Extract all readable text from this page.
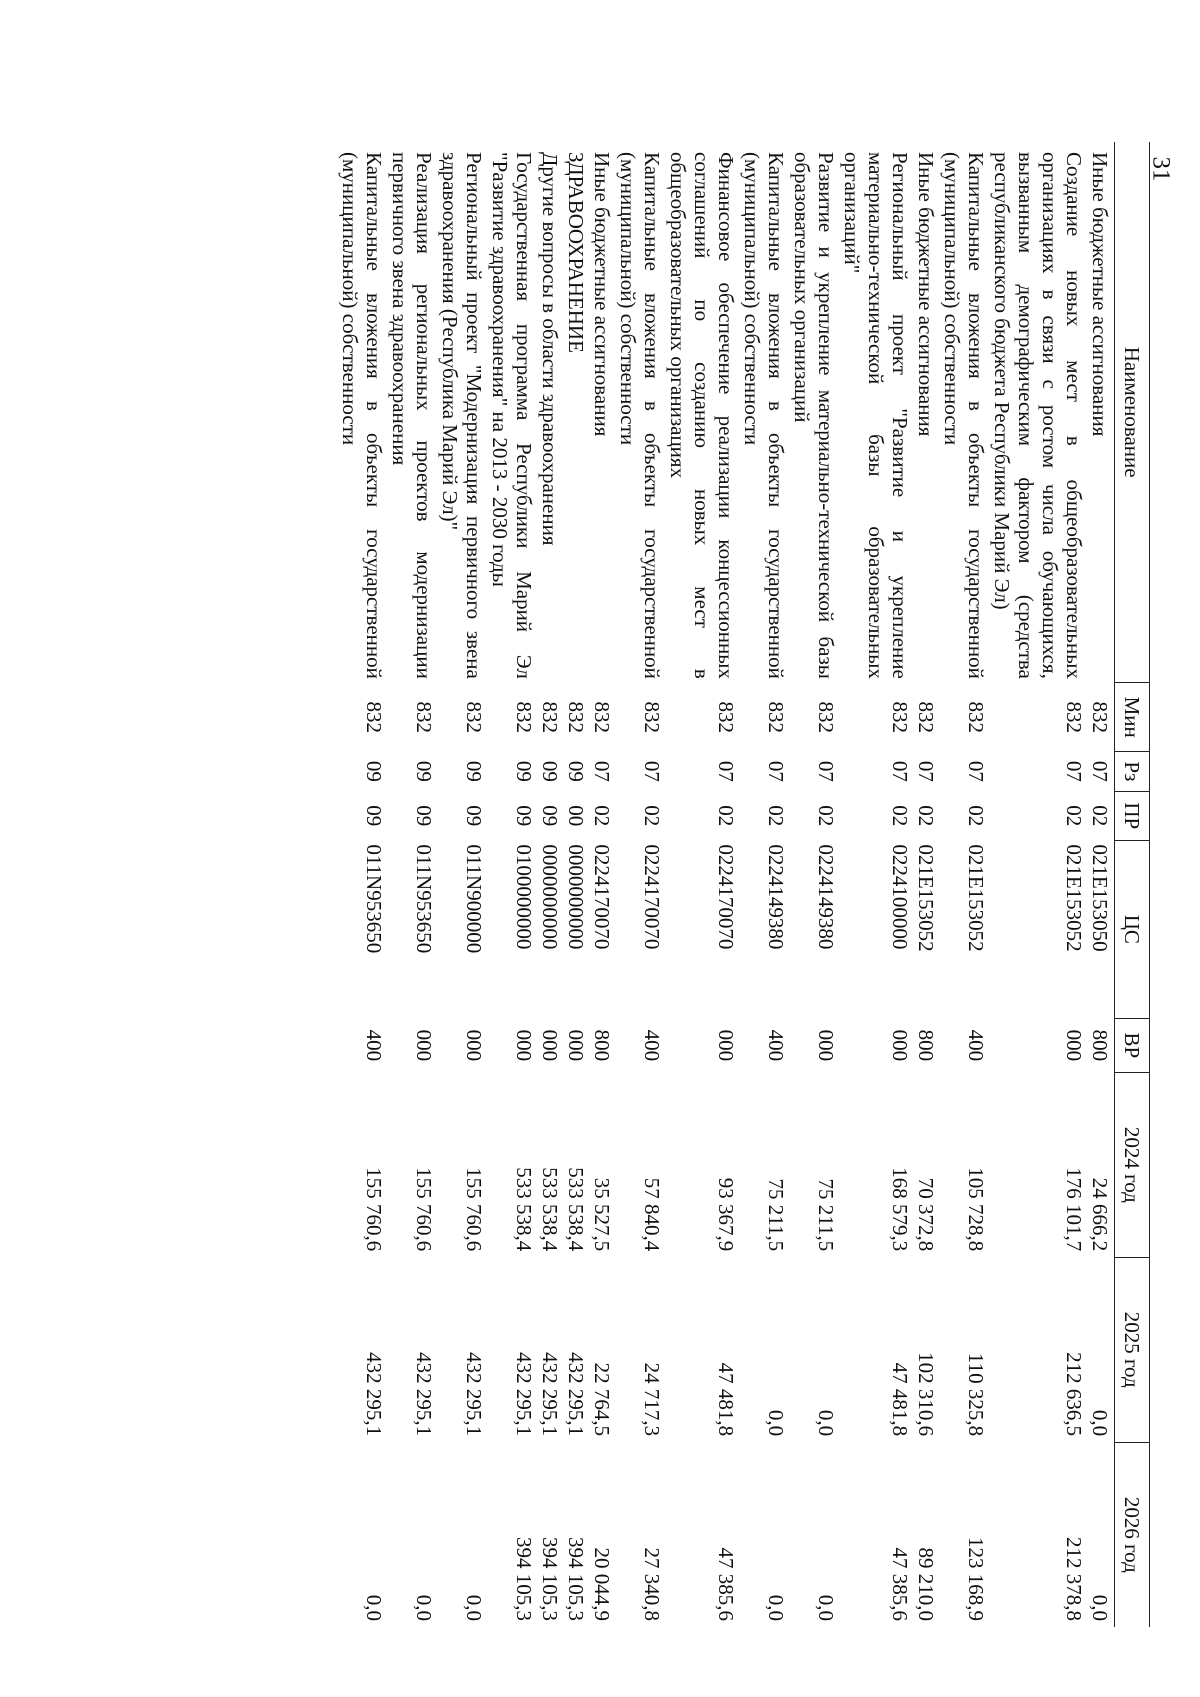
31
Наименование	Мин	Рз	ПР	ЦС	ВР	2024 год	2025 год	2026 год
Иные бюджетные ассигнования	832	07	02	021E153050	800	24 666,2	0,0	0,0
Создание новых мест в общеобразовательных организациях в связи с ростом числа обучающихся, вызванным демографическим фактором (средства республиканского бюджета Республики Марий Эл)	832	07	02	021E153052	000	176 101,7	212 636,5	212 378,8
Капитальные вложения в объекты государственной (муниципальной) собственности	832	07	02	021E153052	400	105 728,8	110 325,8	123 168,9
Иные бюджетные ассигнования	832	07	02	021E153052	800	70 372,8	102 310,6	89 210,0
Региональный проект "Развитие и укрепление материально-технической базы образовательных организаций"	832	07	02	0224100000	000	168 579,3	47 481,8	47 385,6
Развитие и укрепление материально-технической базы образовательных организаций	832	07	02	0224149380	000	75 211,5	0,0	0,0
Капитальные вложения в объекты государственной (муниципальной) собственности	832	07	02	0224149380	400	75 211,5	0,0	0,0
Финансовое обеспечение реализации концессионных соглашений по созданию новых мест в общеобразовательных организациях	832	07	02	0224170070	000	93 367,9	47 481,8	47 385,6
Капитальные вложения в объекты государственной (муниципальной) собственности	832	07	02	0224170070	400	57 840,4	24 717,3	27 340,8
Иные бюджетные ассигнования	832	07	02	0224170070	800	35 527,5	22 764,5	20 044,9
ЗДРАВООХРАНЕНИЕ	832	09	00	0000000000	000	533 538,4	432 295,1	394 105,3
Другие вопросы в области здравоохранения	832	09	09	0000000000	000	533 538,4	432 295,1	394 105,3
Государственная программа Республики Марий Эл "Развитие здравоохранения" на 2013 - 2030 годы	832	09	09	0100000000	000	533 538,4	432 295,1	394 105,3
Региональный проект "Модернизация первичного звена здравоохранения (Республика Марий Эл)"	832	09	09	011N900000	000	155 760,6	432 295,1	0,0
Реализация региональных проектов модернизации первичного звена здравоохранения	832	09	09	011N953650	000	155 760,6	432 295,1	0,0
Капитальные вложения в объекты государственной (муниципальной) собственности	832	09	09	011N953650	400	155 760,6	432 295,1	0,0
